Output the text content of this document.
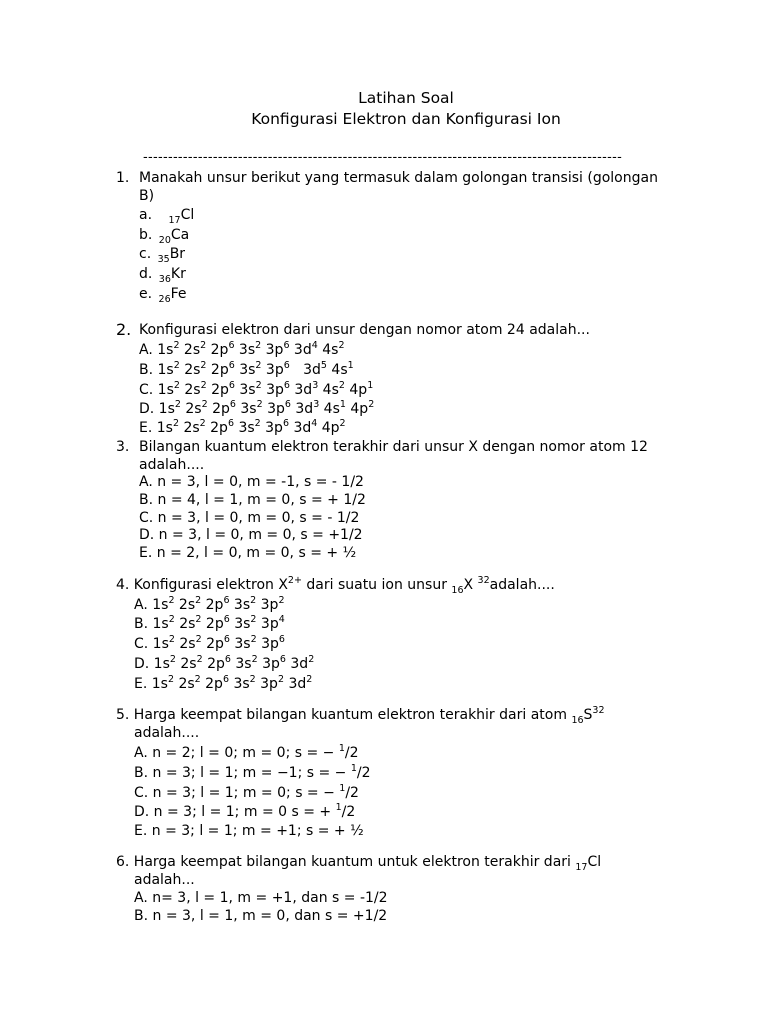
Latihan Soal
Konfigurasi Elektron dan Konfigurasi Ion
------------------------------------------------------------------------------------------------
1. Manakah unsur berikut yang termasuk dalam golongan transisi (golongan
B)
a. $_{17}$Cl
b. $_{20}$Ca
c. $_{35}$Br
d. $_{36}$Kr
e. $_{26}$Fe
2. Konfigurasi elektron dari unsur dengan nomor atom 24 adalah...
A. $1s^2$ $2s^2$ $2p^6$ $3s^2$ $3p^6$ $3d^4$ $4s^2$
B. $1s^2$ $2s^2$ $2p^6$ $3s^2$ $3p^6$   $3d^5$ $4s^1$
C. $1s^2$ $2s^2$ $2p^6$ $3s^2$ $3p^6$ $3d^3$ $4s^2$ $4p^1$
D. $1s^2$ $2s^2$ $2p^6$ $3s^2$ $3p^6$ $3d^3$ $4s^1$ $4p^2$
E. $1s^2$ $2s^2$ $2p^6$ $3s^2$ $3p^6$ $3d^4$ $4p^2$
3. Bilangan kuantum elektron terakhir dari unsur X dengan nomor atom 12
adalah....
A. n = 3, l = 0, m = -1, s = - 1/2
B. n = 4, l = 1, m = 0, s = + 1/2
C. n = 3, l = 0, m = 0, s = - 1/2
D. n = 3, l = 0, m = 0, s = +1/2
E. n = 2, l = 0, m = 0, s = + ½
4. Konfigurasi elektron $X^{2+}$ dari suatu ion unsur $_{16}$X $^{32}$adalah....
A. $1s^2$ $2s^2$ $2p^6$ $3s^2$ $3p^2$
B. $1s^2$ $2s^2$ $2p^6$ $3s^2$ $3p^4$
C. $1s^2$ $2s^2$ $2p^6$ $3s^2$ $3p^6$
D. $1s^2$ $2s^2$ $2p^6$ $3s^2$ $3p^6$ $3d^2$
E. $1s^2$ $2s^2$ $2p^6$ $3s^2$ $3p^2$ $3d^2$
5. Harga keempat bilangan kuantum elektron terakhir dari atom $_{16}S^{32}$
adalah....
A. n = 2; l = 0; m = 0; s = − $^1$/2
B. n = 3; l = 1; m = −1; s = − $^1$/2
C. n = 3; l = 1; m = 0; s = − $^1$/2
D. n = 3; l = 1; m = 0 s = + $^1$/2
E. n = 3; l = 1; m = +1; s = + ½
6. Harga keempat bilangan kuantum untuk elektron terakhir dari $_{17}$Cl
adalah...
A. n= 3, l = 1, m = +1, dan s = -1/2
B. n = 3, l = 1, m = 0, dan s = +1/2
